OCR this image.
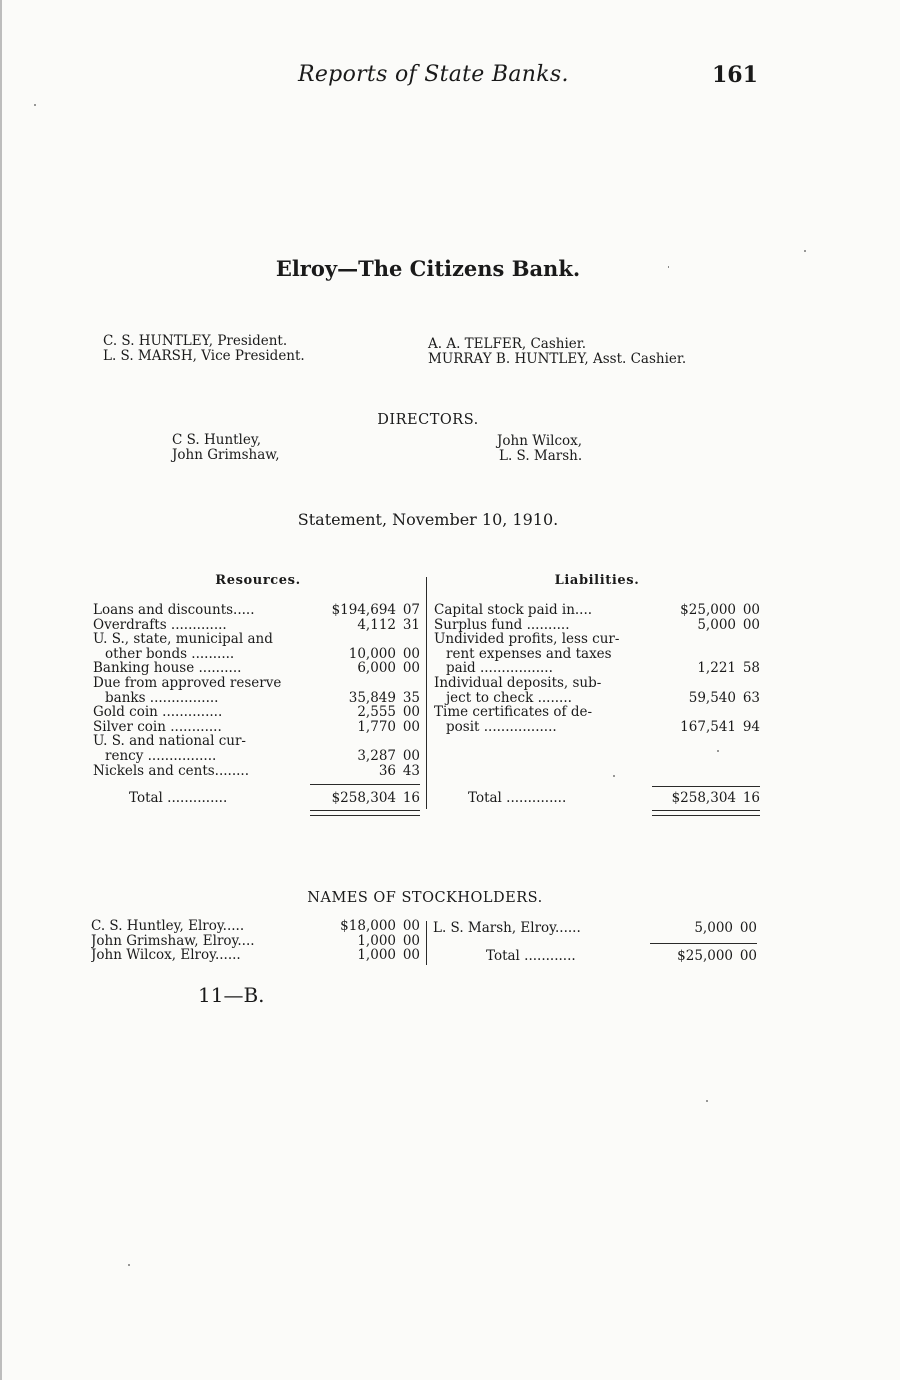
Reports of State Banks.	161
Elroy—The Citizens Bank.
C. S. HUNTLEY, President.
L. S. MARSH, Vice President.
A. A. TELFER, Cashier.
MURRAY B. HUNTLEY, Asst. Cashier.
DIRECTORS.
C S. Huntley,
John Grimshaw,
John Wilcox,
L. S. Marsh.
Statement, November 10, 1910.
Resources.
Loans and discounts.....	$194,694 07
Overdrafts .............	4,112 31
U. S., state, municipal and
other bonds ..........	10,000 00
Banking house ..........	6,000 00
Due from approved reserve
banks ................	35,849 35
Gold coin ..............	2,555 00
Silver coin ............	1,770 00
U. S. and national cur-
rency ................	3,287 00
Nickels and cents........	36 43
Total ..............	$258,304 16
Liabilities.
Capital stock paid in....	$25,000 00
Surplus fund ..........	5,000 00
Undivided profits, less cur-
rent expenses and taxes
paid .................	1,221 58
Individual deposits, sub-
ject to check ........	59,540 63
Time certificates of de-
posit .................	167,541 94
Total ..............	$258,304 16
NAMES OF STOCKHOLDERS.
C. S. Huntley, Elroy.....	$18,000 00
John Grimshaw, Elroy....	1,000 00
John Wilcox, Elroy......	1,000 00
L. S. Marsh, Elroy......	5,000 00
Total ............	$25,000 00
11—B.
